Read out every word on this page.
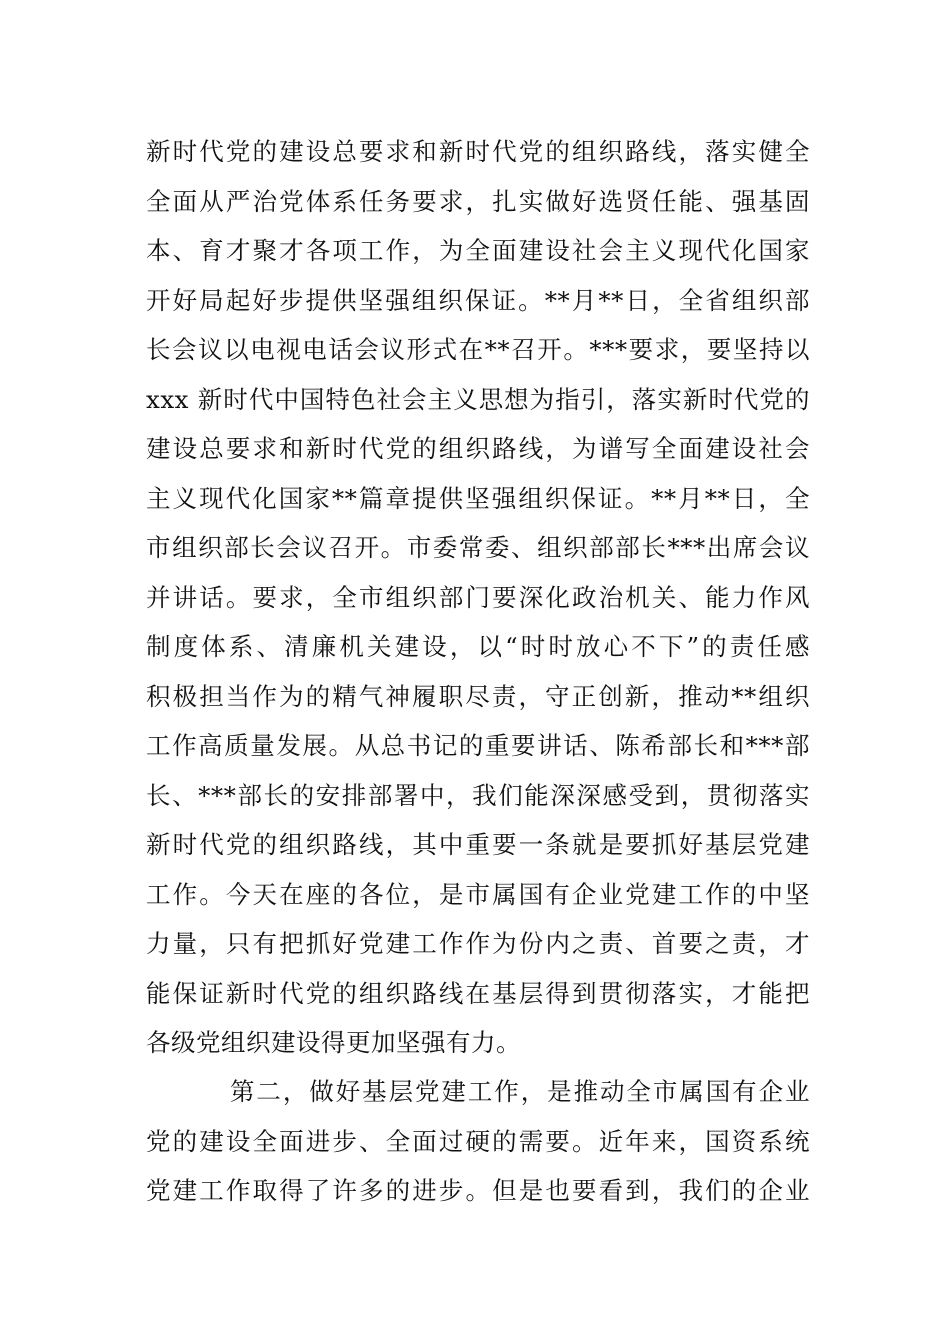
新时代党的建设总要求和新时代党的组织路线，落实健全
全面从严治党体系任务要求，扎实做好选贤任能、强基固
本、育才聚才各项工作，为全面建设社会主义现代化国家
开好局起好步提供坚强组织保证。**月**日，全省组织部
长会议以电视电话会议形式在**召开。***要求，要坚持以
xxx 新时代中国特色社会主义思想为指引，落实新时代党的
建设总要求和新时代党的组织路线，为谱写全面建设社会
主义现代化国家**篇章提供坚强组织保证。**月**日，全
市组织部长会议召开。市委常委、组织部部长***出席会议
并讲话。要求，全市组织部门要深化政治机关、能力作风
制度体系、清廉机关建设，以“时时放心不下”的责任感
积极担当作为的精气神履职尽责，守正创新，推动**组织
工作高质量发展。从总书记的重要讲话、陈希部长和***部
长、***部长的安排部署中，我们能深深感受到，贯彻落实
新时代党的组织路线，其中重要一条就是要抓好基层党建
工作。今天在座的各位，是市属国有企业党建工作的中坚
力量，只有把抓好党建工作作为份内之责、首要之责，才
能保证新时代党的组织路线在基层得到贯彻落实，才能把
各级党组织建设得更加坚强有力。
第二，做好基层党建工作，是推动全市属国有企业
党的建设全面进步、全面过硬的需要。近年来，国资系统
党建工作取得了许多的进步。但是也要看到，我们的企业
